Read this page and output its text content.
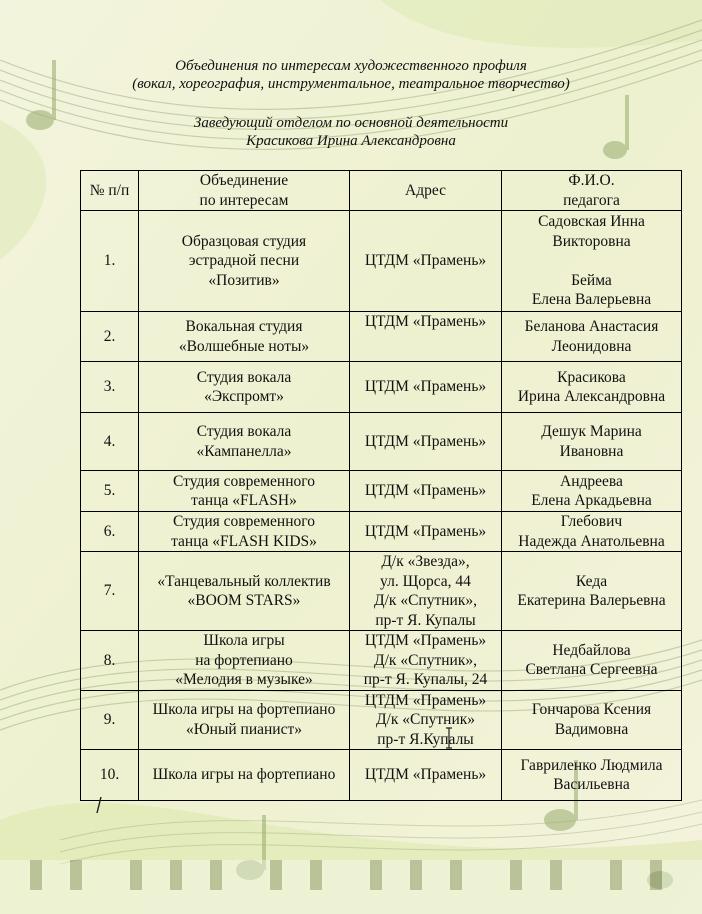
Объединения по интересам художественного профиля
(вокал, хореография, инструментальное, театральное творчество)
Заведующий отделом по основной деятельности
Красикова Ирина Александровна
№ п/п	Объединение
по интересам	Адрес	Ф.И.О.
педагога
1.	Образцовая студия
эстрадной песни
«Позитив»	ЦТДМ «Прамень»	Садовская Инна
Викторовна

Бейма
Елена Валерьевна
2.	Вокальная студия
«Волшебные ноты»	ЦТДМ «Прамень»	Беланова Анастасия
Леонидовна
3.	Студия вокала
«Экспромт»	ЦТДМ «Прамень»	Красикова
Ирина Александровна
4.	Студия вокала
«Кампанелла»	ЦТДМ «Прамень»	Дешук Марина
Ивановна
5.	Студия современного
танца «FLASH»	ЦТДМ «Прамень»	Андреева
Елена Аркадьевна
6.	Студия современного
танца «FLASH KIDS»	ЦТДМ «Прамень»	Глебович
Надежда Анатольевна
7.	«Танцевальный коллектив
«BOOM STARS»	Д/к «Звезда»,
ул. Щорса, 44
Д/к «Спутник»,
пр-т Я. Купалы	Кеда
Екатерина Валерьевна
8.	Школа игры
на фортепиано
«Мелодия в музыке»	ЦТДМ «Прамень»
Д/к «Спутник»,
пр-т Я. Купалы, 24	Недбайлова
Светлана Сергеевна
9.	Школа игры на фортепиано
«Юный пианист»	ЦТДМ «Прамень»
Д/к «Спутник»
пр-т Я.Купалы	Гончарова Ксения
Вадимовна
10.	Школа игры на фортепиано	ЦТДМ «Прамень»	Гавриленко Людмила
Васильевна
